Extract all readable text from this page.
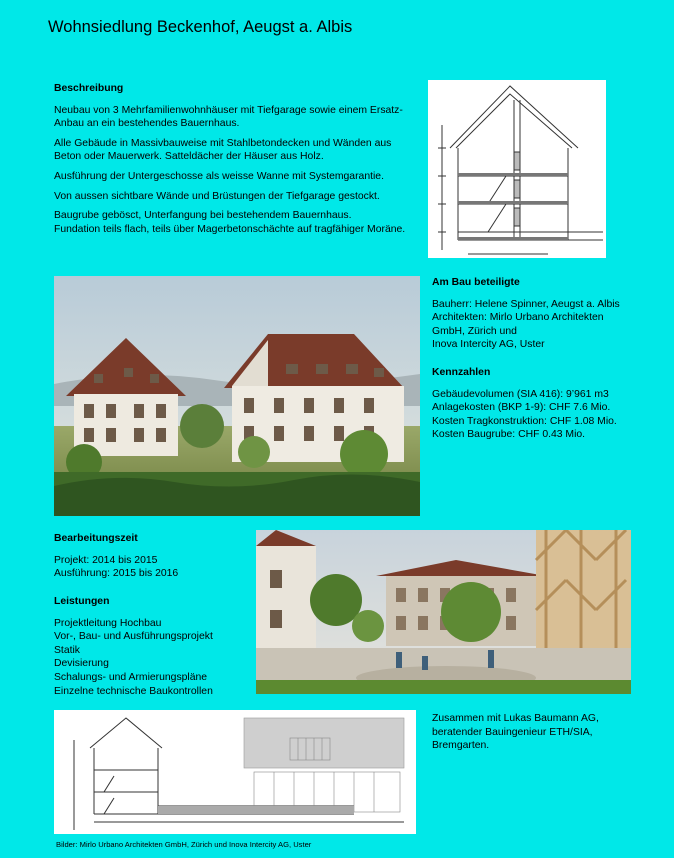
Wohnsiedlung Beckenhof, Aeugst a. Albis
Beschreibung

Neubau von 3 Mehrfamilienwohnhäuser mit Tiefgarage sowie einem Ersatz-
Anbau an ein bestehendes Bauernhaus.

Alle Gebäude in Massivbauweise mit Stahlbetondecken und Wänden aus
Beton oder Mauerwerk. Satteldächer der Häuser aus Holz.

Ausführung der Untergeschosse als weisse Wanne mit Systemgarantie.

Von aussen sichtbare Wände und Brüstungen der Tiefgarage gestockt.

Baugrube gebösct, Unterfangung bei bestehendem Bauernhaus.
Fundation teils flach, teils über Magerbetonschächte auf tragfähiger Moräne.

Am Bau beteiligte
Bauherr: Helene Spinner, Aeugst a. Albis
Architekten: Mirlo Urbano Architekten
GmbH, Zürich und
Inova Intercity AG, Uster
Kennzahlen
Gebäudevolumen (SIA 416): 9’961 m3
Anlagekosten (BKP 1-9): CHF 7.6 Mio.
Kosten Tragkonstruktion: CHF 1.08 Mio.
Kosten Baugrube: CHF 0.43 Mio.
Bearbeitungszeit
Projekt: 2014 bis 2015
Ausführung: 2015 bis 2016
Leistungen
Projektleitung Hochbau
Vor-, Bau- und Ausführungsprojekt
Statik
Devisierung
Schalungs- und Armierungspläne
Einzelne technische Baukontrollen
Zusammen mit Lukas Baumann AG,
beratender Bauingenieur ETH/SIA,
Bremgarten.
Bilder: Mirlo Urbano Architekten GmbH, Zürich und Inova Intercity AG, Uster
